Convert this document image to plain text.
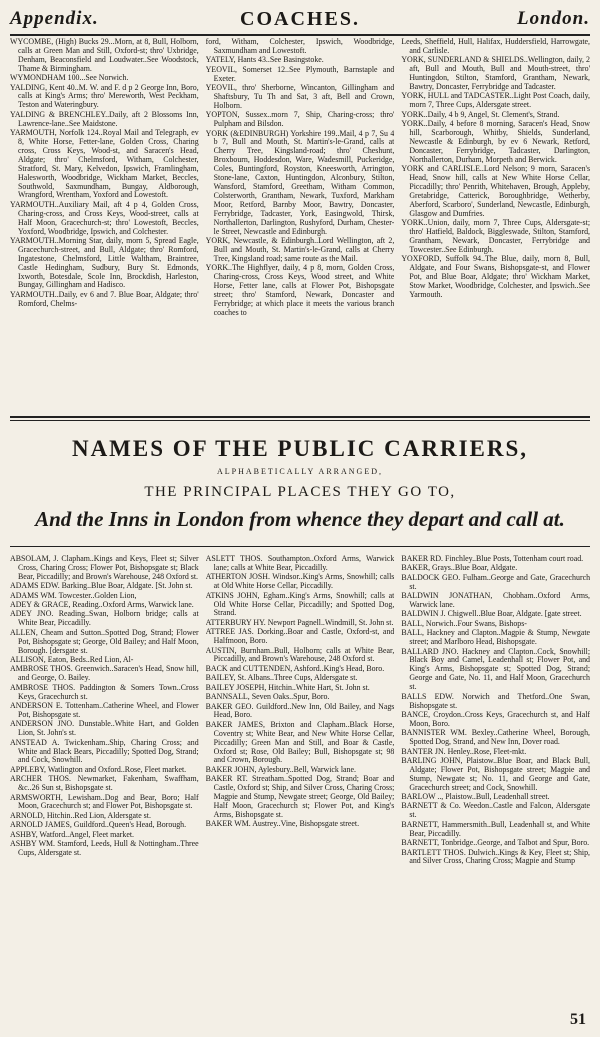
Appendix.	COACHES.	London.

WYCOMBE, (High) Bucks 29...Morn, at 8, Bull, Holborn, calls at Green Man and Still, Oxford-st; thro' Uxbridge, Denham, Beaconsfield and Loudwater..See Woodstock, Thame & Birmingham.

WYMONDHAM 100...See Norwich.

YALDING, Kent 40..M. W. and F. d p 2 George Inn, Boro, calls at King's Arms; thro' Mereworth, West Peckham, Teston and Wateringbury.

YALDING & BRENCHLEY..Daily, aft 2 Blossoms Inn, Lawrence-lane..See Maidstone.

YARMOUTH, Norfolk 124..Royal Mail and Telegraph, ev 8, White Horse, Fetter-lane, Golden Cross, Charing cross, Cross Keys, Wood-st, and Saracen's Head, Aldgate; thro' Chelmsford, Witham, Colchester, Stratford, St. Mary, Kelvedon, Ipswich, Framlingham, Halesworth, Woodbridge, Wickham Market, Beccles, Southwold, Saxmundham, Bungay, Aldborough, Wrangford, Wrentham, Yoxford and Lowestoft.

YARMOUTH..Auxiliary Mail, aft 4 p 4, Golden Cross, Charing-cross, and Cross Keys, Wood-street, calls at Half Moon, Gracechurch-st; thro' Lowestoft, Beccles, Yoxford, Woodbridge, Ipswich, and Colchester.

YARMOUTH..Morning Star, daily, morn 5, Spread Eagle, Gracechurch-street, and Bull, Aldgate; thro' Romford, Ingatestone, Chelmsford, Little Waltham, Braintree, Castle Hedingham, Sudbury, Bury St. Edmonds, Ixworth, Botesdale, Scole Inn, Brockdish, Harleston, Bungay, Gillingham and Hadisco.

YARMOUTH..Daily, ev 6 and 7. Blue Boar, Aldgate; thro' Romford, Chelms-

ford, Witham, Colchester, Ipswich, Woodbridge, Saxmundham and Lowestoft.

YATELY, Hants 43..See Basingstoke.

YEOVIL, Somerset 12..See Plymouth, Barnstaple and Exeter.

YEOVIL, thro' Sherborne, Wincanton, Gillingham and Shaftsbury, Tu Th and Sat, 3 aft, Bell and Crown, Holborn.

YOPTON, Sussex..morn 7, Ship, Charing-cross; thro' Pulpham and Bilsdon.

YORK (&EDINBURGH) Yorkshire 199..Mail, 4 p 7, Su 4 b 7, Bull and Mouth, St. Martin's-le-Grand, calls at Cherry Tree, Kingsland-road; thro' Cheshunt, Broxbourn, Hoddesdon, Ware, Wadesmill, Puckeridge, Coles, Buntingford, Royston, Kneesworth, Arrington, Stone-lane, Caxton, Huntingdon, Alconbury, Stilton, Wansford, Stamford, Greetham, Witham Common, Colsterworth, Grantham, Newark, Tuxford, Markham Moor, Retford, Barnby Moor, Bawtry, Doncaster, Ferrybridge, Tadcaster, York, Easingwold, Thirsk, Northallerton, Darlington, Rushyford, Durham, Chester-le Street, Newcastle and Edinburgh.

YORK, Newcastle, & Edinburgh..Lord Wellington, aft 2, Bull and Mouth, St. Martin's-le-Grand, calls at Cherry Tree, Kingsland road; same route as the Mail.

YORK..The Highflyer, daily, 4 p 8, morn, Golden Cross, Charing-cross, Cross Keys, Wood street, and White Horse, Fetter lane, calls at Flower Pot, Bishopsgate street; thro' Stamford, Newark, Doncaster and Ferrybridge; at which place it meets the various branch coaches to

Leeds, Sheffield, Hull, Halifax, Huddersfield, Harrowgate, and Carlisle.

YORK, SUNDERLAND & SHIELDS..Wellington, daily, 2 aft, Bull and Mouth, Bull and Mouth-street, thro' Huntingdon, Stilton, Stamford, Grantham, Newark, Bawtry, Doncaster, Ferrybridge and Tadcaster.

YORK, HULL and TADCASTER..Light Post Coach, daily, morn 7, Three Cups, Aldersgate street.

YORK..Daily, 4 b 9, Angel, St. Clement's, Strand.

YORK..Daily, 4 before 8 morning, Saracen's Head, Snow hill, Scarborough, Whitby, Shields, Sunderland, Newcastle & Edinburgh, by ev 6 Newark, Retford, Doncaster, Ferrybridge, Tadcaster, Darlington, Northallerton, Durham, Morpeth and Berwick.

YORK and CARLISLE..Lord Nelson; 9 morn, Saracen's Head, Snow hill, calls at New White Horse Cellar, Piccadilly; thro' Penrith, Whitehaven, Brough, Appleby, Gretabridge, Catterick, Boroughbridge, Wetherby, Aberford, Scarboro', Sunderland, Newcastle, Edinburgh, Glasgow and Dumfries.

YORK..Union, daily, morn 7, Three Cups, Aldersgate-st; thro' Hatfield, Baldock, Biggleswade, Stilton, Stamford, Grantham, Newark, Doncaster, Ferrybridge and Towcester..See Edinburgh.

YOXFORD, Suffolk 94..The Blue, daily, morn 8, Bull, Aldgate, and Four Swans, Bishopsgate-st, and Flower Pot, and Blue Boar, Aldgate; thro' Wickham Market, Stow Market, Woodbridge, Colchester, and Ipswich..See Yarmouth.

NAMES OF THE PUBLIC CARRIERS,
ALPHABETICALLY ARRANGED,
THE PRINCIPAL PLACES THEY GO TO,
And the Inns in London from whence they depart and call at.

ABSOLAM, J. Clapham..Kings and Keys, Fleet st; Silver Cross, Charing Cross; Flower Pot, Bishopsgate st; Black Bear, Piccadilly; and Brown's Warehouse, 248 Oxford st.

ADAMS EDW. Barking..Blue Boar, Aldgate. [St. John st.

ADAMS WM. Towcester..Golden Lion,

ADEY & GRACE, Reading..Oxford Arms, Warwick lane.

ADEY JNO. Reading..Swan, Holborn bridge; calls at White Bear, Piccadilly.

ALLEN, Cheam and Sutton..Spotted Dog, Strand; Flower Pot, Bishopsgate st; George, Old Bailey; and Half Moon, Borough. [dersgate st.

ALLISON, Eaton, Beds..Red Lion, Al-

AMBROSE THOS. Greenwich..Saracen's Head, Snow hill, and George, O. Bailey.

AMBROSE THOS. Paddington & Somers Town..Cross Keys, Gracechurch st.

ANDERSON E. Tottenham..Catherine Wheel, and Flower Pot, Bishopsgate st.

ANDERSON JNO. Dunstable..White Hart, and Golden Lion, St. John's st.

ANSTEAD A. Twickenham..Ship, Charing Cross; and White and Black Bears, Piccadilly; Spotted Dog, Strand; and Cock, Snowhill.

APPLEBY, Watlington and Oxford..Rose, Fleet market.

ARCHER THOS. Newmarket, Fakenham, Swaffham, &c..26 Sun st, Bishopsgate st.

ARMSWORTH, Lewisham..Dog and Bear, Boro; Half Moon, Gracechurch st; and Flower Pot, Bishopsgate st.

ARNOLD, Hitchin..Red Lion, Aldersgate st.

ARNOLD JAMES, Guildford..Queen's Head, Borough.

ASHBY, Watford..Angel, Fleet market.

ASHBY WM. Stamford, Leeds, Hull & Nottingham..Three Cups, Aldersgate st.

ASLETT THOS. Southampton..Oxford Arms, Warwick lane; calls at White Bear, Piccadilly.

ATHERTON JOSH. Windsor..King's Arms, Snowhill; calls at Old White Horse Cellar, Piccadilly.

ATKINS JOHN, Egham..King's Arms, Snowhill; calls at Old White Horse Cellar, Piccadilly; and Spotted Dog, Strand.

ATTERBURY HY. Newport Pagnell..Windmill, St. John st.

ATTREE JAS. Dorking..Boar and Castle, Oxford-st, and Halfmoon, Boro.

AUSTIN, Burnham..Bull, Holborn; calls at White Bear, Piccadilly, and Brown's Warehouse, 248 Oxford st.

BACK and CUTTENDEN, Ashford..King's Head, Boro.

BAILEY, St. Albans..Three Cups, Aldersgate st.

BAILEY JOSEPH, Hitchin..White Hart, St. John st.

BANNSALL, Seven Oaks..Spur, Boro.

BAKER GEO. Guildford..New Inn, Old Bailey, and Nags Head, Boro.

BAKER JAMES, Brixton and Clapham..Black Horse, Coventry st; White Bear, and New White Horse Cellar, Piccadilly; Green Man and Still, and Boar & Castle, Oxford st; Rose, Old Bailey; Bull, Bishopsgate st; 98 and Crown, Borough.

BAKER JOHN, Aylesbury..Bell, Warwick lane.

BAKER RT. Streatham..Spotted Dog, Strand; Boar and Castle, Oxford st; Ship, and Silver Cross, Charing Cross; Magpie and Stump, Newgate street; George, Old Bailey; Half Moon, Gracechurch st; Flower Pot, and King's Arms, Bishopsgate st.

BAKER WM. Austrey..Vine, Bishopsgate street.

BAKER RD. Finchley..Blue Posts, Tottenham court road.

BAKER, Grays..Blue Boar, Aldgate.

BALDOCK GEO. Fulham..George and Gate, Gracechurch st.

BALDWIN JONATHAN, Chobham..Oxford Arms, Warwick lane.

BALDWIN J. Chigwell..Blue Boar, Aldgate. [gate street.

BALL, Norwich..Four Swans, Bishops-

BALL, Hackney and Clapton..Magpie & Stump, Newgate street; and Marlboro Head, Bishopsgate.

BALLARD JNO. Hackney and Clapton..Cock, Snowhill; Black Boy and Camel, Leadenhall st; Flower Pot, and King's Arms, Bishopsgate st; Spotted Dog, Strand; George and Gate, No. 11, and Half Moon, Gracechurch st.

BALLS EDW. Norwich and Thetford..One Swan, Bishopsgate st.

BANCE, Croydon..Cross Keys, Gracechurch st, and Half Moon, Boro.

BANNISTER WM. Bexley..Catherine Wheel, Borough, Spotted Dog, Strand, and New Inn, Dover road.

BANTER JN. Henley..Rose, Fleet-mkt.

BARLING JOHN, Plaistow..Blue Boar, and Black Bull, Aldgate; Flower Pot, Bishopsgate street; Magpie and Stump, Newgate st; No. 11, and George and Gate, Gracechurch street; and Cock, Snowhill.

BARLOW .., Plaistow..Bull, Leadenhall street.

BARNETT & Co. Weedon..Castle and Falcon, Aldersgate st.

BARNETT, Hammersmith..Bull, Leadenhall st, and White Bear, Piccadilly.

BARNETT, Tonbridge..George, and Talbot and Spur, Boro.

BARTLETT THOS. Dulwich..Kings & Key, Fleet st; Ship, and Silver Cross, Charing Cross; Magpie and Stump

51
